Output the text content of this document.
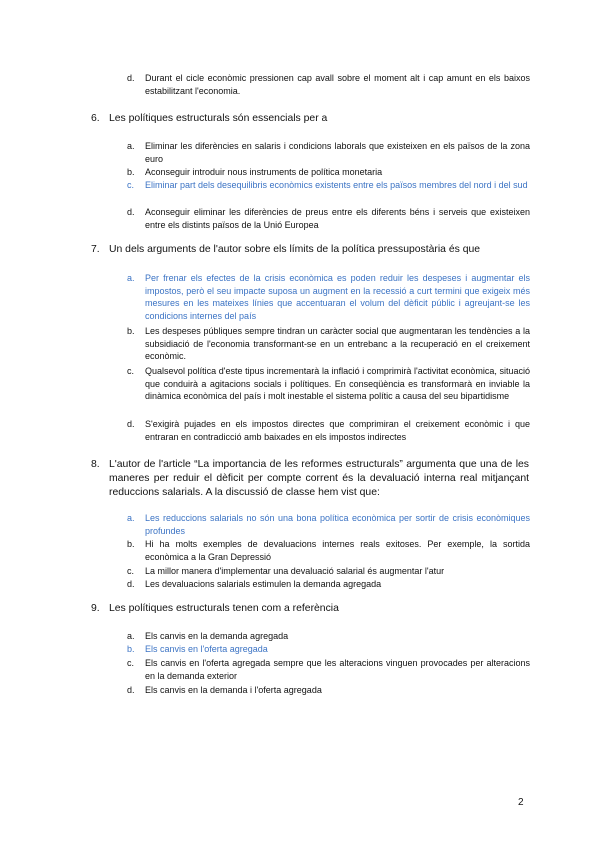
d. Durant el cicle econòmic pressionen cap avall sobre el moment alt i cap amunt en els baixos estabilitzant l'economia.
6. Les polítiques estructurals són essencials per a
a. Eliminar les diferències en salaris i condicions laborals que existeixen en els països de la zona euro
b. Aconseguir introduir nous instruments de política monetaria
c. Eliminar part dels desequilibris econòmics existents entre els països membres del nord i del sud
d. Aconseguir eliminar les diferències de preus entre els diferents béns i serveis que existeixen entre els distints països de la Unió Europea
7. Un dels arguments de l'autor sobre els límits de la política pressupostària és que
a. Per frenar els efectes de la crisis econòmica es poden reduir les despeses i augmentar els impostos, però el seu impacte suposa un augment en la recessió a curt termini que exigeix més mesures en les mateixes línies que accentuaran el volum del dèficit públic i agreujant-se les condicions internes del país
b. Les despeses públiques sempre tindran un caràcter social que augmentaran les tendències a la subsidiació de l'economia transformant-se en un entrebanc a la recuperació en el creixement econòmic.
c. Qualsevol política d'este tipus incrementarà la inflació i comprimirà l'activitat econòmica, situació que conduirà a agitacions socials i polítiques. En conseqüència es transformarà en inviable la dinàmica econòmica del país i molt inestable el sistema polític a causa del seu bipartidisme
d. S'exigirà pujades en els impostos directes que comprimiran el creixement econòmic i que entraran en contradicció amb baixades en els impostos indirectes
8. L'autor de l'article “La importancia de les reformes estructurals” argumenta que una de les maneres per reduir el dèficit per compte corrent és la devaluació interna real mitjançant reduccions salarials. A la discussió de classe hem vist que:
a. Les reduccions salarials no són una bona política econòmica per sortir de crisis econòmiques profundes
b. Hi ha molts exemples de devaluacions internes reals exitoses. Per exemple, la sortida econòmica a la Gran Depressió
c. La millor manera d'implementar una devaluació salarial és augmentar l'atur
d. Les devaluacions salarials estimulen la demanda agregada
9. Les polítiques estructurals tenen com a referència
a. Els canvis en la demanda agregada
b. Els canvis en l'oferta agregada
c. Els canvis en l'oferta agregada sempre que les alteracions vinguen provocades per alteracions en la demanda exterior
d. Els canvis en la demanda i l'oferta agregada
2
